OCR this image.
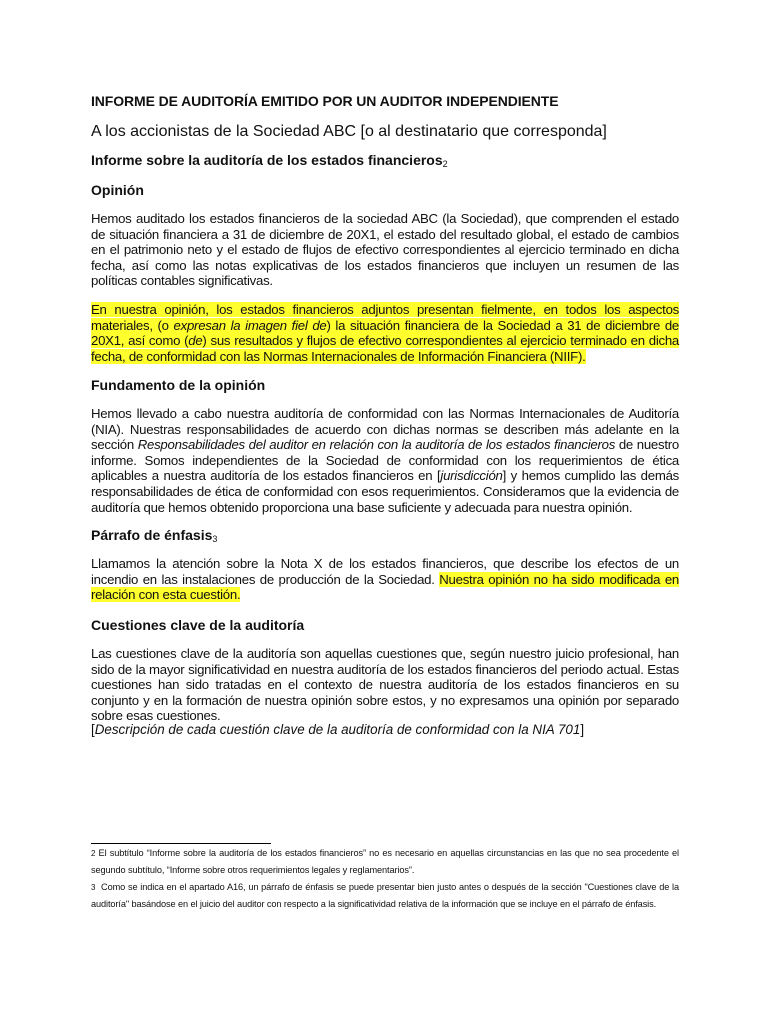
INFORME DE AUDITORÍA EMITIDO POR UN AUDITOR INDEPENDIENTE

A los accionistas de la Sociedad ABC [o al destinatario que corresponda]

Informe sobre la auditoría de los estados financieros$_2$
Opinión

Hemos auditado los estados financieros de la sociedad ABC (la Sociedad), que comprenden el estado de situación financiera a 31 de diciembre de 20X1, el estado del resultado global, el estado de cambios en el patrimonio neto y el estado de flujos de efectivo correspondientes al ejercicio terminado en dicha fecha, así como las notas explicativas de los estados financieros que incluyen un resumen de las políticas contables significativas.

En nuestra opinión, los estados financieros adjuntos presentan fielmente, en todos los aspectos materiales, (o expresan la imagen fiel de) la situación financiera de la Sociedad a 31 de diciembre de 20X1, así como (de) sus resultados y flujos de efectivo correspondientes al ejercicio terminado en dicha fecha, de conformidad con las Normas Internacionales de Información Financiera (NIIF).

Fundamento de la opinión

Hemos llevado a cabo nuestra auditoría de conformidad con las Normas Internacionales de Auditoría (NIA). Nuestras responsabilidades de acuerdo con dichas normas se describen más adelante en la sección Responsabilidades del auditor en relación con la auditoría de los estados financieros de nuestro informe. Somos independientes de la Sociedad de conformidad con los requerimientos de ética aplicables a nuestra auditoría de los estados financieros en [jurisdicción] y hemos cumplido las demás responsabilidades de ética de conformidad con esos requerimientos. Consideramos que la evidencia de auditoría que hemos obtenido proporciona una base suficiente y adecuada para nuestra opinión.

Párrafo de énfasis$_3$

Llamamos la atención sobre la Nota X de los estados financieros, que describe los efectos de un incendio en las instalaciones de producción de la Sociedad. Nuestra opinión no ha sido modificada en relación con esta cuestión.

Cuestiones clave de la auditoría

Las cuestiones clave de la auditoría son aquellas cuestiones que, según nuestro juicio profesional, han sido de la mayor significatividad en nuestra auditoría de los estados financieros del periodo actual. Estas cuestiones han sido tratadas en el contexto de nuestra auditoría de los estados financieros en su conjunto y en la formación de nuestra opinión sobre estos, y no expresamos una opinión por separado sobre esas cuestiones.

[Descripción de cada cuestión clave de la auditoría de conformidad con la NIA 701]

2 El subtítulo “Informe sobre la auditoría de los estados financieros” no es necesario en aquellas circunstancias en las que no sea procedente el segundo subtítulo, “Informe sobre otros requerimientos legales y reglamentarios”.

3 Como se indica en el apartado A16, un párrafo de énfasis se puede presentar bien justo antes o después de la sección "Cuestiones clave de la auditoría" basándose en el juicio del auditor con respecto a la significatividad relativa de la información que se incluye en el párrafo de énfasis.
